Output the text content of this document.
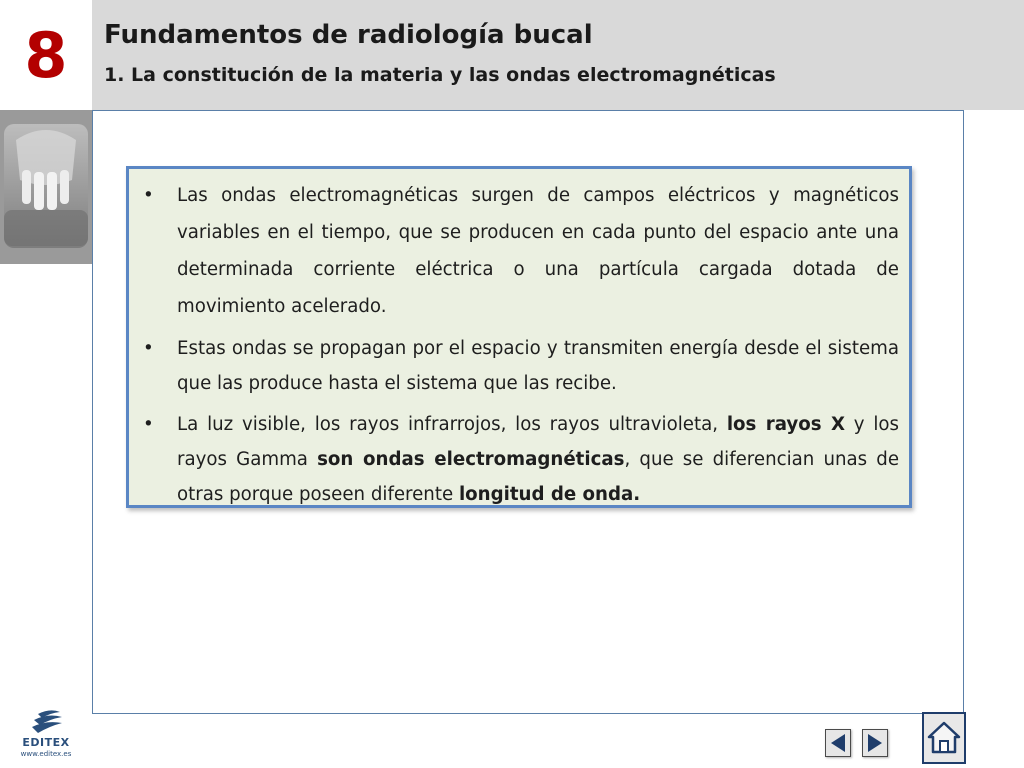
8	Fundamentos de radiología bucal
1. La constitución de la materia y las ondas electromagnéticas
• Las ondas electromagnéticas surgen de campos eléctricos y magnéticos variables en el tiempo, que se producen en cada punto del espacio ante una determinada corriente eléctrica o una partícula cargada dotada de movimiento acelerado.
• Estas ondas se propagan por el espacio y transmiten energía desde el sistema que las produce hasta el sistema que las recibe.
• La luz visible, los rayos infrarrojos, los rayos ultravioleta, los rayos X y los rayos Gamma son ondas electromagnéticas, que se diferencian unas de otras porque poseen diferente longitud de onda.
EDITEX
www.editex.es
